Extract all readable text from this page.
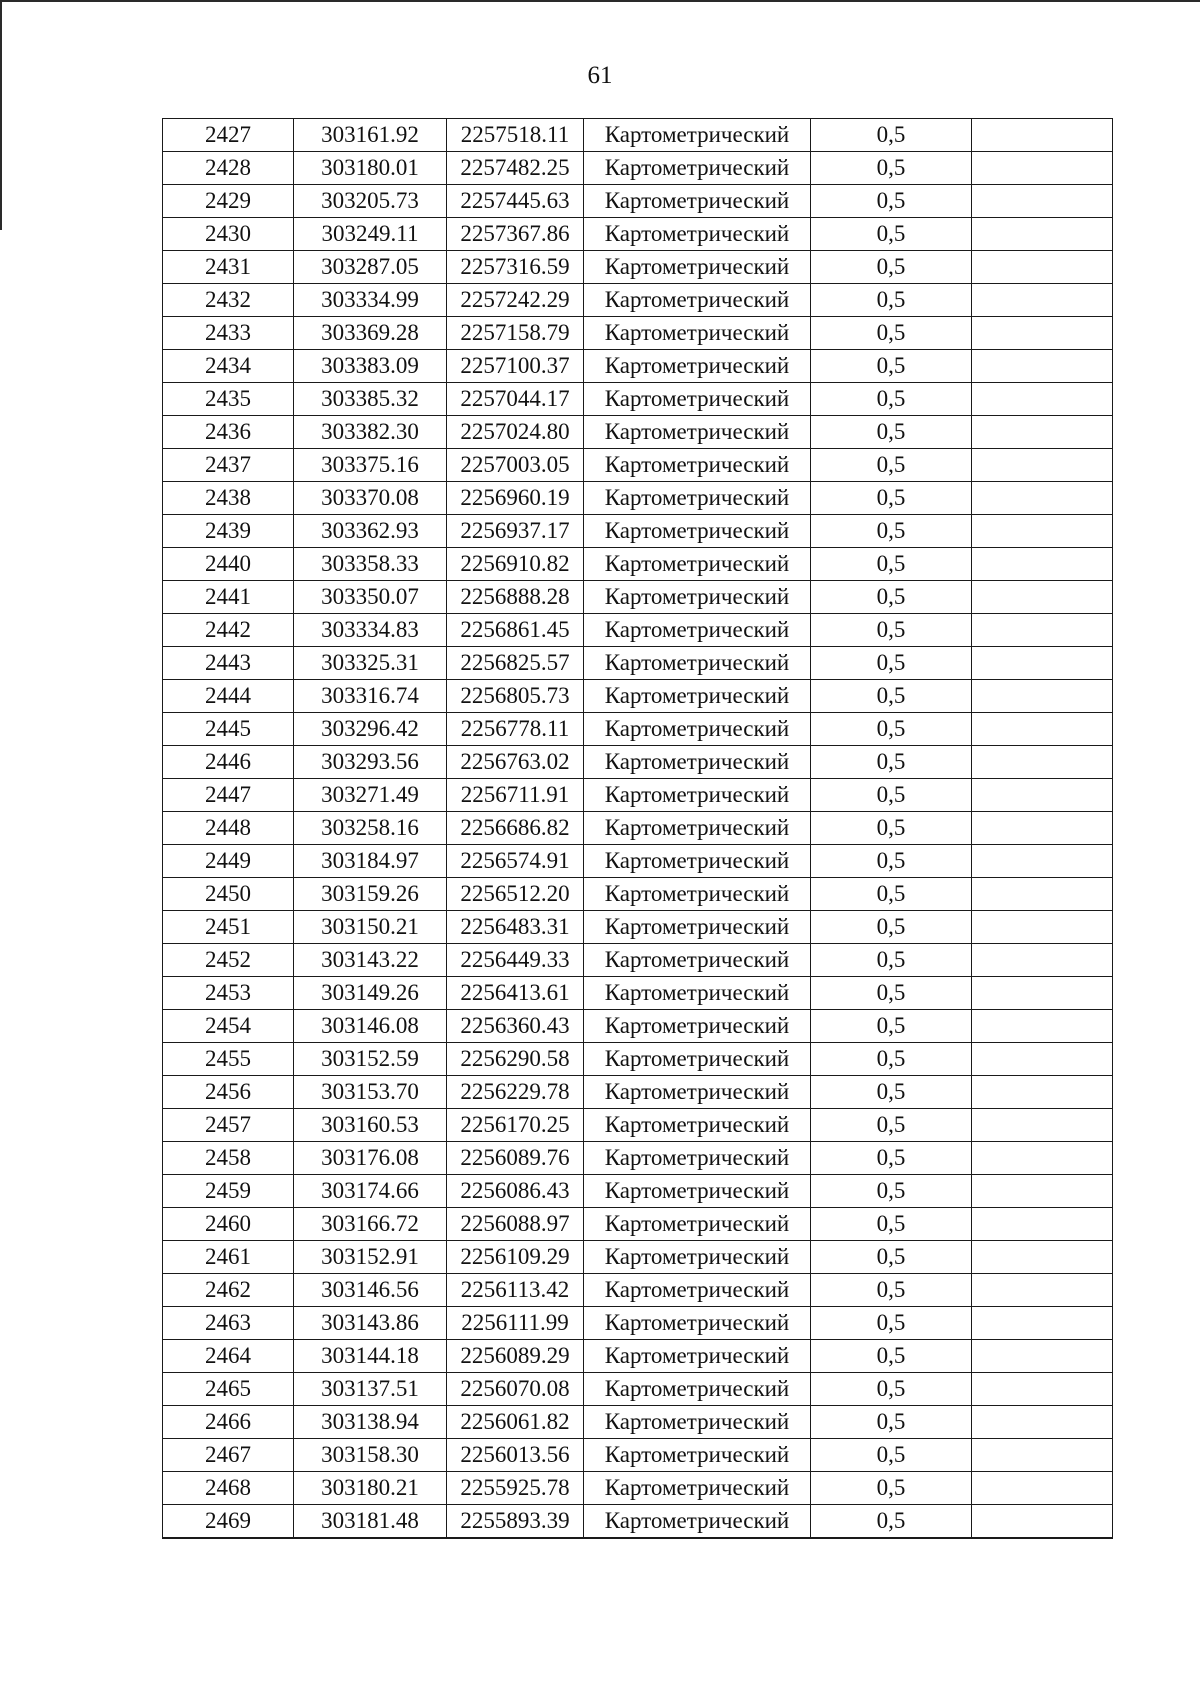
61
2427	303161.92	2257518.11	Картометрический	0,5	
2428	303180.01	2257482.25	Картометрический	0,5	
2429	303205.73	2257445.63	Картометрический	0,5	
2430	303249.11	2257367.86	Картометрический	0,5	
2431	303287.05	2257316.59	Картометрический	0,5	
2432	303334.99	2257242.29	Картометрический	0,5	
2433	303369.28	2257158.79	Картометрический	0,5	
2434	303383.09	2257100.37	Картометрический	0,5	
2435	303385.32	2257044.17	Картометрический	0,5	
2436	303382.30	2257024.80	Картометрический	0,5	
2437	303375.16	2257003.05	Картометрический	0,5	
2438	303370.08	2256960.19	Картометрический	0,5	
2439	303362.93	2256937.17	Картометрический	0,5	
2440	303358.33	2256910.82	Картометрический	0,5	
2441	303350.07	2256888.28	Картометрический	0,5	
2442	303334.83	2256861.45	Картометрический	0,5	
2443	303325.31	2256825.57	Картометрический	0,5	
2444	303316.74	2256805.73	Картометрический	0,5	
2445	303296.42	2256778.11	Картометрический	0,5	
2446	303293.56	2256763.02	Картометрический	0,5	
2447	303271.49	2256711.91	Картометрический	0,5	
2448	303258.16	2256686.82	Картометрический	0,5	
2449	303184.97	2256574.91	Картометрический	0,5	
2450	303159.26	2256512.20	Картометрический	0,5	
2451	303150.21	2256483.31	Картометрический	0,5	
2452	303143.22	2256449.33	Картометрический	0,5	
2453	303149.26	2256413.61	Картометрический	0,5	
2454	303146.08	2256360.43	Картометрический	0,5	
2455	303152.59	2256290.58	Картометрический	0,5	
2456	303153.70	2256229.78	Картометрический	0,5	
2457	303160.53	2256170.25	Картометрический	0,5	
2458	303176.08	2256089.76	Картометрический	0,5	
2459	303174.66	2256086.43	Картометрический	0,5	
2460	303166.72	2256088.97	Картометрический	0,5	
2461	303152.91	2256109.29	Картометрический	0,5	
2462	303146.56	2256113.42	Картометрический	0,5	
2463	303143.86	2256111.99	Картометрический	0,5	
2464	303144.18	2256089.29	Картометрический	0,5	
2465	303137.51	2256070.08	Картометрический	0,5	
2466	303138.94	2256061.82	Картометрический	0,5	
2467	303158.30	2256013.56	Картометрический	0,5	
2468	303180.21	2255925.78	Картометрический	0,5	
2469	303181.48	2255893.39	Картометрический	0,5	
